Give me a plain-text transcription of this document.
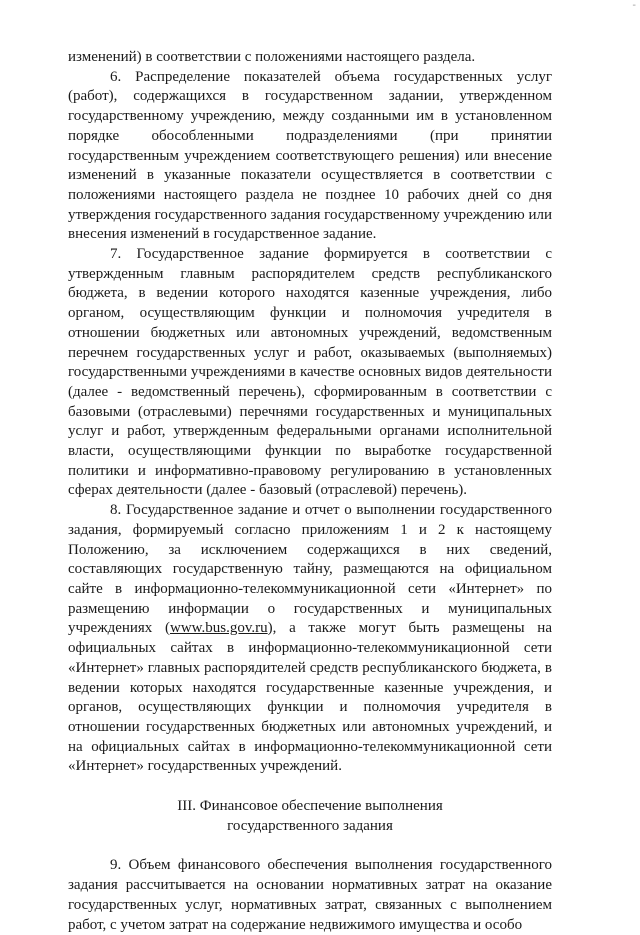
-

изменений) в соответствии с положениями настоящего раздела.

6. Распределение показателей объема государственных услуг (работ), содержащихся в государственном задании, утвержденном государственному учреждению, между созданными им в установленном порядке обособленными подразделениями (при принятии государственным учреждением соответствующего решения) или внесение изменений в указанные показатели осуществляется в соответствии с положениями настоящего раздела не позднее 10 рабочих дней со дня утверждения государственного задания государственному учреждению или внесения изменений в государственное задание.

7. Государственное задание формируется в соответствии с утвержденным главным распорядителем средств республиканского бюджета, в ведении которого находятся казенные учреждения, либо органом, осуществляющим функции и полномочия учредителя в отношении бюджетных или автономных учреждений, ведомственным перечнем государственных услуг и работ, оказываемых (выполняемых) государственными учреждениями в качестве основных видов деятельности (далее - ведомственный перечень), сформированным в соответствии с базовыми (отраслевыми) перечнями государственных и муниципальных услуг и работ, утвержденным федеральными органами исполнительной власти, осуществляющими функции по выработке государственной политики и информативно-правовому регулированию в установленных сферах деятельности (далее - базовый (отраслевой) перечень).

8. Государственное задание и отчет о выполнении государственного задания, формируемый согласно приложениям 1 и 2 к настоящему Положению, за исключением содержащихся в них сведений, составляющих государственную тайну, размещаются на официальном сайте в информационно-телекоммуникационной сети «Интернет» по размещению информации о государственных и муниципальных учреждениях (www.bus.gov.ru), а также могут быть размещены на официальных сайтах в информационно-телекоммуникационной сети «Интернет» главных распорядителей средств республиканского бюджета, в ведении которых находятся государственные казенные учреждения, и органов, осуществляющих функции и полномочия учредителя в отношении государственных бюджетных или автономных учреждений, и на официальных сайтах в информационно-телекоммуникационной сети «Интернет» государственных учреждений.

III. Финансовое обеспечение выполнения
государственного задания

9. Объем финансового обеспечения выполнения государственного задания рассчитывается на основании нормативных затрат на оказание государственных услуг, нормативных затрат, связанных с выполнением работ, с учетом затрат на содержание недвижимого имущества и особо
